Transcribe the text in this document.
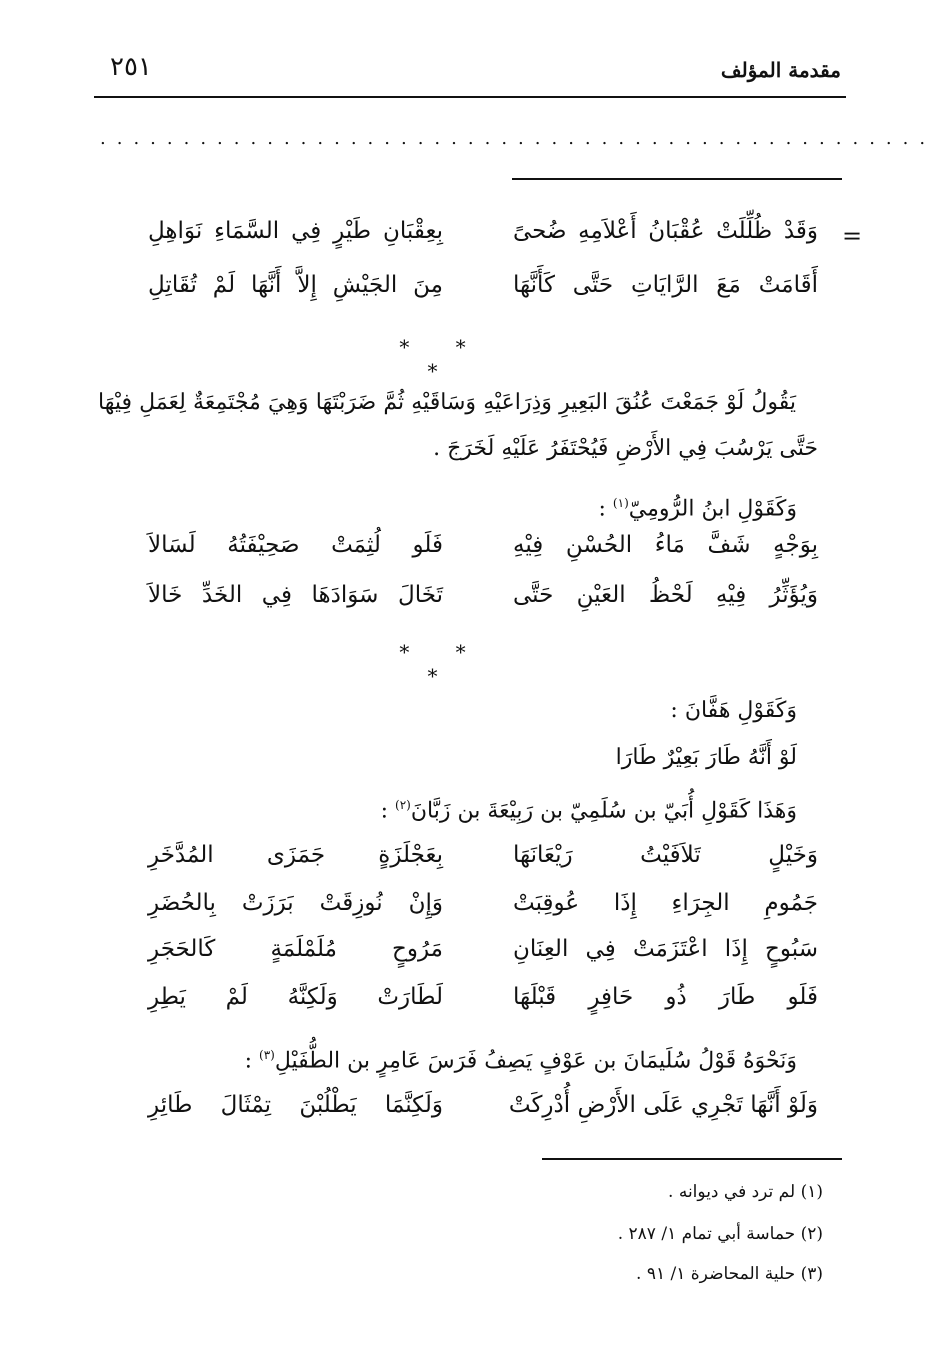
مقدمة المؤلف
٢٥١
..................................................
=
وَقَدْ ظُلِّلَتْ عُقْبَانُ أَعْلاَمِهِ ضُحىً
بِعِقْبَانِ طَيْرٍ فِي السَّمَاءِ نَوَاهِلِ
أَقَامَتْ مَعَ الرَّايَاتِ حَتَّى كَأَنَّهَا
مِنَ الجَيْشِ إِلاَّ أَنَّهَا لَمْ تُقَاتِلِ
* * *
يَقُولُ لَوْ جَمَعْتَ عُنُقَ البَعِيرِ وَذِرَاعَيْهِ وَسَاقَيْهِ ثُمَّ ضَرَبْتَهَا وَهِيَ مُجْتَمِعَةٌ لِعَمَلِ فِيْهَا حَتَّى يَرْسُبَ فِي الأَرْضِ فَيُحْتَفَرُ عَلَيْهِ لَخَرَجَ .
وَكَقَوْلِ ابنُ الرُّومِيّ$^{(١)}$ :
بِوَجْهٍ شَفَّ مَاءُ الحُسْنِ فِيْهِ
فَلَو لُثِمَتْ صَحِيْفَتُهُ لَسَالاَ
وَيُؤَثِّرُ فِيْهِ لَحْظُ العَيْنِ حَتَّى
تَخَالَ سَوَادَهَا فِي الخَدِّ خَالاَ
* * *
وَكَقَوْلِ هَفَّانَ :
لَوْ أَنَّهُ طَارَ بَعِيْرٌ طَارَا
وَهَذَا كَقَوْلِ أُبَيّ بن سُلَمِيّ بن رَبِيْعَةَ بن زَبَّانَ$^{(٢)}$ :
وَخَيْلٍ تَلاَفَيْتُ رَيْعَانَهَا
بِعَجْلَزَةٍ جَمَزَى المُدَّخَرِ
جَمُومِ الجِرَاءِ إِذَا عُوقِبَتْ
وَإِنْ نُوزِقَتْ بَرَزَتْ بِالحُضَرِ
سَبُوحٍ إِذَا اعْتَزَمَتْ فِي العِنَانِ
مَرُوحٍ مُلَمْلَمَةٍ كَالحَجَرِ
فَلَو طَارَ ذُو حَافِرٍ قَبْلَهَا
لَطَارَتْ وَلَكِنَّهُ لَمْ يَطِرِ
وَنَحْوَهُ قَوْلُ سُلَيمَانَ بن عَوْفٍ يَصِفُ فَرَسَ عَامِرٍ بن الطُّفَيْلِ$^{(٣)}$ :
وَلَوْ أَنَّهَا تَجْرِي عَلَى الأَرْضِ أُدْرِكَتْ
وَلَكِنَّمَا يَطْلُبْنَ تِمْثَالَ طَائِرِ
(١) لم ترد في ديوانه .
(٢) حماسة أبي تمام ١/ ٢٨٧ .
(٣) حلية المحاضرة ١/ ٩١ .
